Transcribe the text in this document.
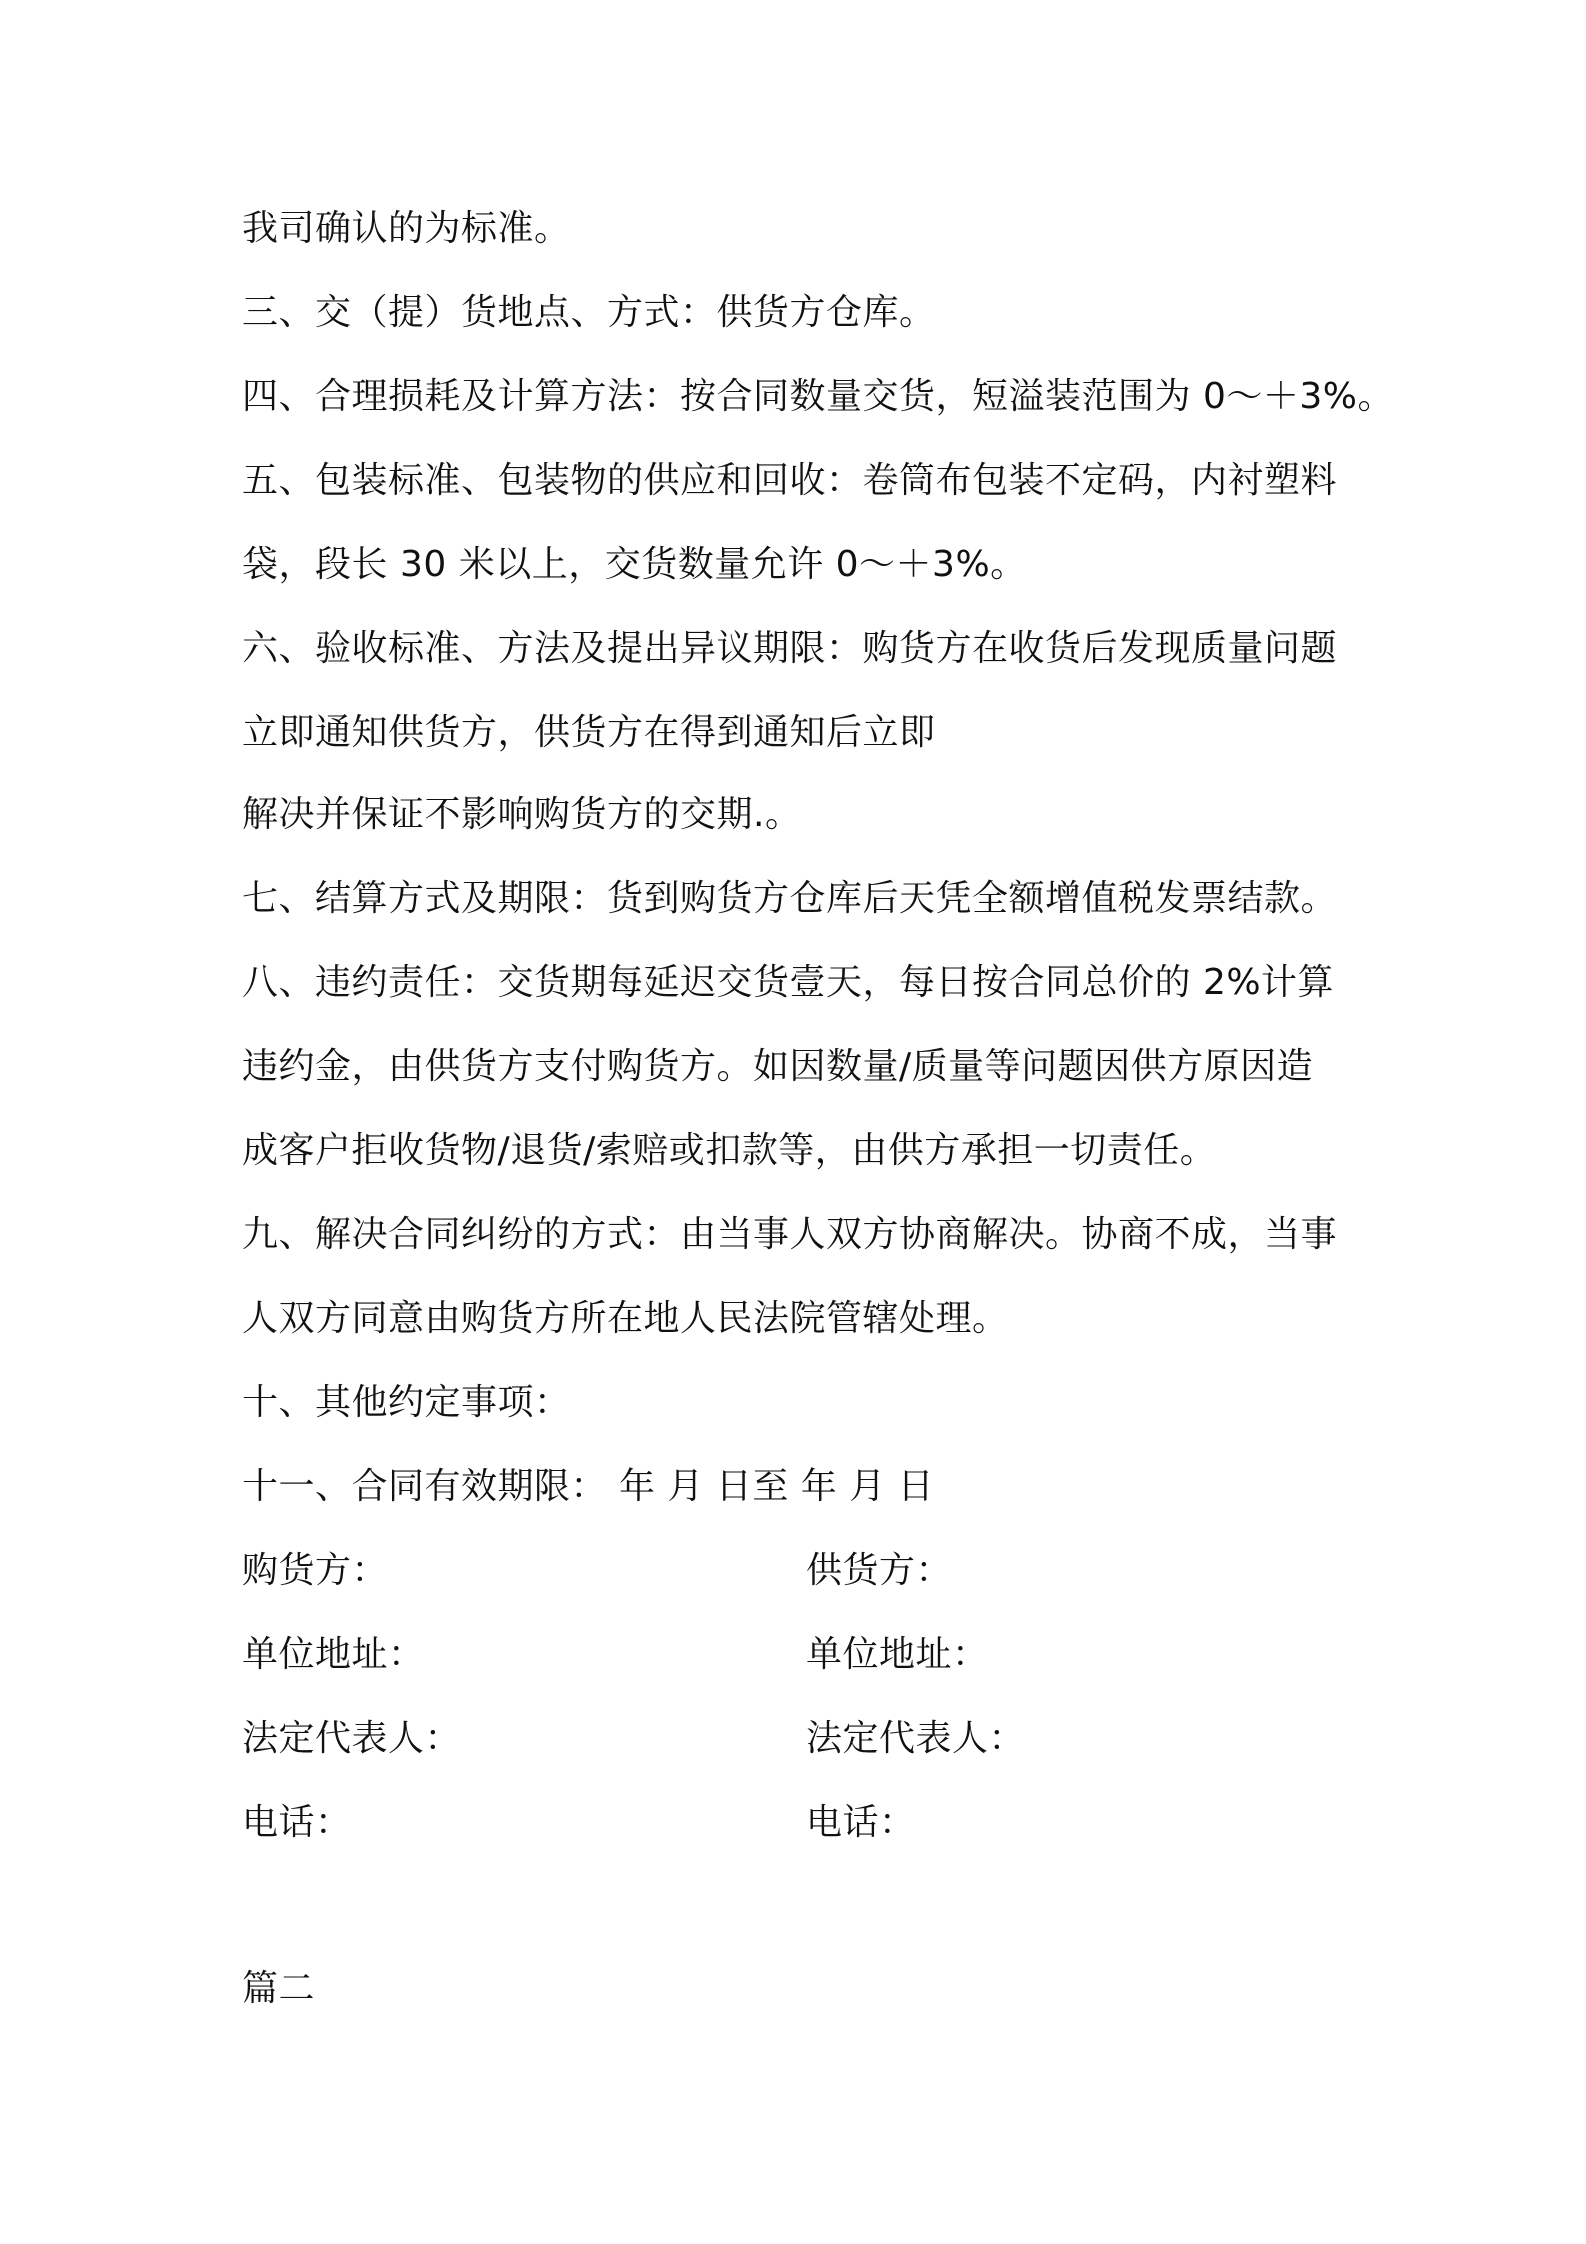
我司确认的为标准。
三、交（提）货地点、方式：供货方仓库。
四、合理损耗及计算方法：按合同数量交货，短溢装范围为 0～＋3%。
五、包装标准、包装物的供应和回收：卷筒布包装不定码，内衬塑料
袋，段长 30 米以上，交货数量允许 0～＋3%。
六、验收标准、方法及提出异议期限：购货方在收货后发现质量问题
立即通知供货方，供货方在得到通知后立即
解决并保证不影响购货方的交期.。
七、结算方式及期限：货到购货方仓库后天凭全额增值税发票结款。
八、违约责任：交货期每延迟交货壹天，每日按合同总价的 2%计算
违约金，由供货方支付购货方。如因数量/质量等问题因供方原因造
成客户拒收货物/退货/索赔或扣款等，由供方承担一切责任。
九、解决合同纠纷的方式：由当事人双方协商解决。协商不成，当事
人双方同意由购货方所在地人民法院管辖处理。
十、其他约定事项：
十一、合同有效期限： 年 月 日至 年 月 日
购货方：	供货方：
单位地址：	单位地址：
法定代表人：	法定代表人：
电话：	电话：
篇二
